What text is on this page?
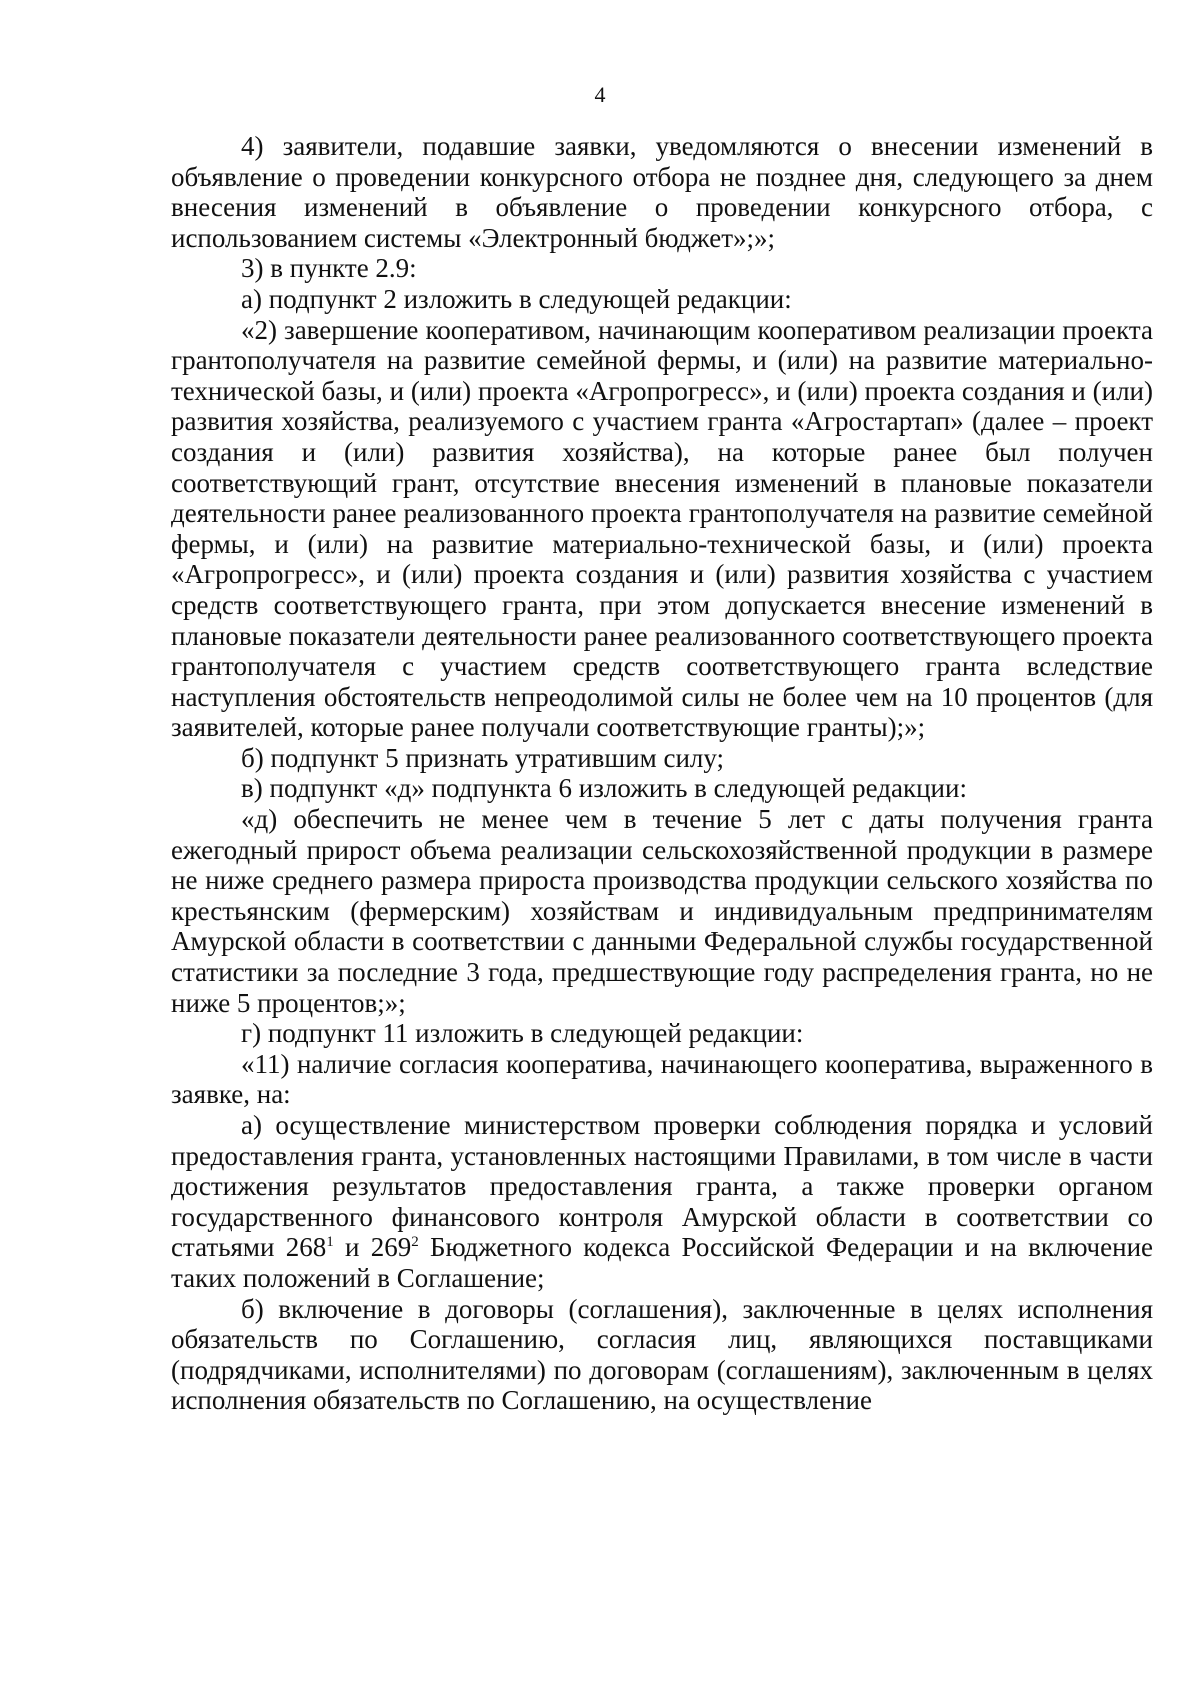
4

4) заявители, подавшие заявки, уведомляются о внесении изменений в объявление о проведении конкурсного отбора не позднее дня, следующего за днем внесения изменений в объявление о проведении конкурсного отбора, с использованием системы «Электронный бюджет»;»;

3) в пункте 2.9:

а) подпункт 2 изложить в следующей редакции:

«2) завершение кооперативом, начинающим кооперативом реализации проекта грантополучателя на развитие семейной фермы, и (или) на развитие материально-технической базы, и (или) проекта «Агропрогресс», и (или) проекта создания и (или) развития хозяйства, реализуемого с участием гранта «Агростартап» (далее – проект создания и (или) развития хозяйства), на которые ранее был получен соответствующий грант, отсутствие внесения изменений в плановые показатели деятельности ранее реализованного проекта грантополучателя на развитие семейной фермы, и (или) на развитие материально-технической базы, и (или) проекта «Агропрогресс», и (или) проекта создания и (или) развития хозяйства с участием средств соответствующего гранта, при этом допускается внесение изменений в плановые показатели деятельности ранее реализованного соответствующего проекта грантополучателя с участием средств соответствующего гранта вследствие наступления обстоятельств непреодолимой силы не более чем на 10 процентов (для заявителей, которые ранее получали соответствующие гранты);»;

б) подпункт 5 признать утратившим силу;

в) подпункт «д» подпункта 6 изложить в следующей редакции:

«д) обеспечить не менее чем в течение 5 лет с даты получения гранта ежегодный прирост объема реализации сельскохозяйственной продукции в размере не ниже среднего размера прироста производства продукции сельского хозяйства по крестьянским (фермерским) хозяйствам и индивидуальным предпринимателям Амурской области в соответствии с данными Федеральной службы государственной статистики за последние 3 года, предшествующие году распределения гранта, но не ниже 5 процентов;»;

г) подпункт 11 изложить в следующей редакции:

«11) наличие согласия кооператива, начинающего кооператива, выраженного в заявке, на:

а) осуществление министерством проверки соблюдения порядка и условий предоставления гранта, установленных настоящими Правилами, в том числе в части достижения результатов предоставления гранта, а также проверки органом государственного финансового контроля Амурской области в соответствии со статьями $268^1$ и $269^2$ Бюджетного кодекса Российской Федерации и на включение таких положений в Соглашение;

б) включение в договоры (соглашения), заключенные в целях исполнения обязательств по Соглашению, согласия лиц, являющихся поставщиками (подрядчиками, исполнителями) по договорам (соглашениям), заключенным в целях исполнения обязательств по Соглашению, на осуществление
